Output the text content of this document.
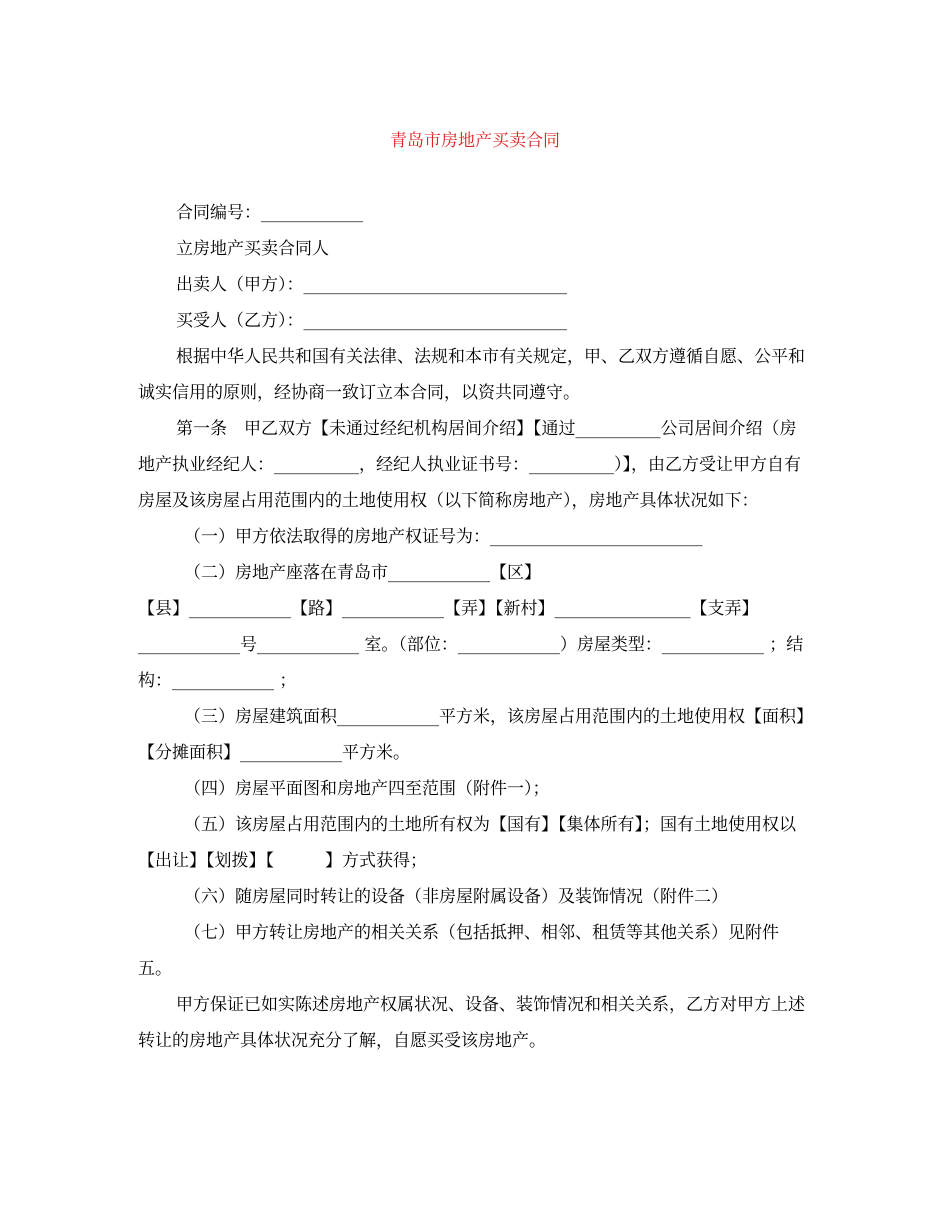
青岛市房地产买卖合同

合同编号：____________

立房地产买卖合同人

出卖人（甲方）：_______________________________

买受人（乙方）：_______________________________

根据中华人民共和国有关法律、法规和本市有关规定，甲、乙双方遵循自愿、公平和诚实信用的原则，经协商一致订立本合同，以资共同遵守。

第一条　甲乙双方【未通过经纪机构居间介绍】【通过__________公司居间介绍（房地产执业经纪人：__________，经纪人执业证书号：__________）】，由乙方受让甲方自有房屋及该房屋占用范围内的土地使用权（以下简称房地产），房地产具体状况如下：

（一）甲方依法取得的房地产权证号为：_________________________

（二）房地产座落在青岛市____________【区】

【县】____________【路】____________【弄】【新村】________________【支弄】____________号____________ 室。（部位：____________）房屋类型：____________ ；结构：____________ ；

（三）房屋建筑面积____________平方米，该房屋占用范围内的土地使用权【面积】【分摊面积】____________平方米。

（四）房屋平面图和房地产四至范围（附件一）；

（五）该房屋占用范围内的土地所有权为【国有】【集体所有】；国有土地使用权以【出让】【划拨】【　　　】方式获得；

（六）随房屋同时转让的设备（非房屋附属设备）及装饰情况（附件二）

（七）甲方转让房地产的相关关系（包括抵押、相邻、租赁等其他关系）见附件五。

甲方保证已如实陈述房地产权属状况、设备、装饰情况和相关关系，乙方对甲方上述转让的房地产具体状况充分了解，自愿买受该房地产。
